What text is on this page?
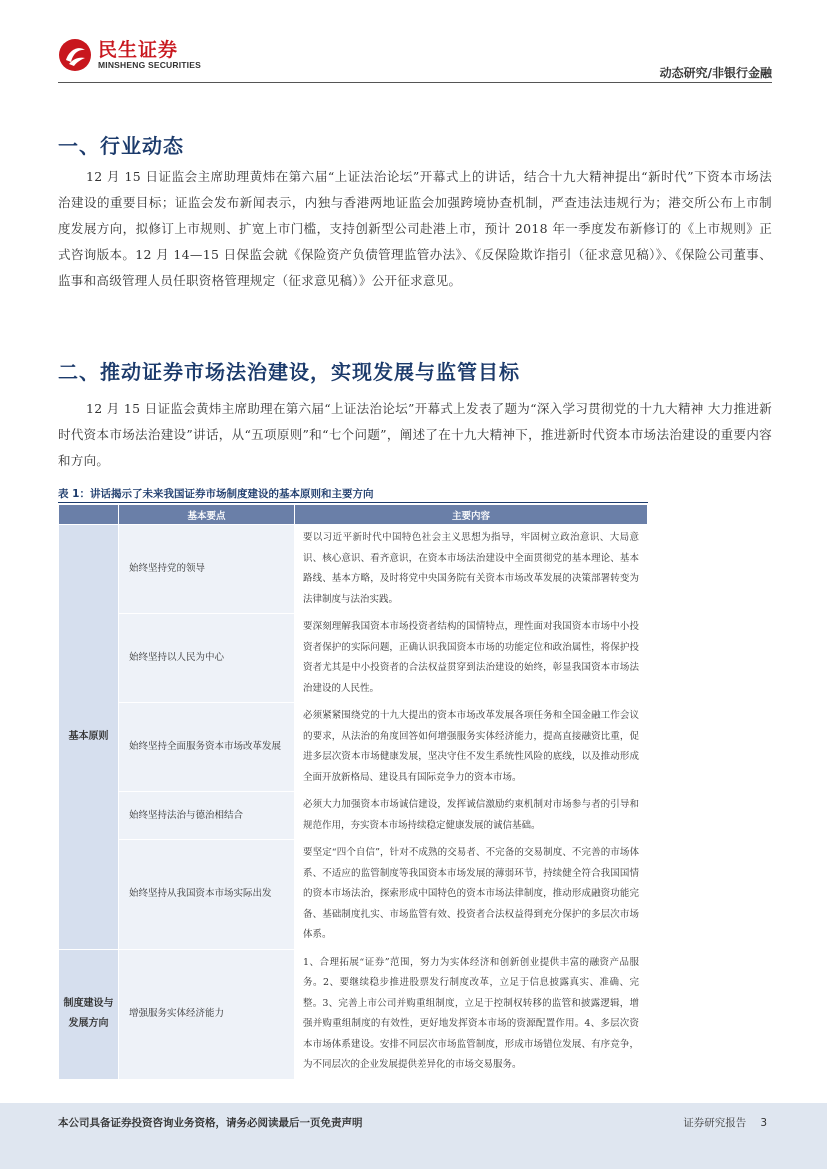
民生证券
MINSHENG SECURITIES
动态研究/非银行金融
一、行业动态

12 月 15 日证监会主席助理黄炜在第六届“上证法治论坛”开幕式上的讲话，结合十九大精神提出“新时代”下资本市场法治建设的重要目标；证监会发布新闻表示，内独与香港两地证监会加强跨境协查机制，严查违法违规行为；港交所公布上市制度发展方向，拟修订上市规则、扩宽上市门槛，支持创新型公司赴港上市，预计 2018 年一季度发布新修订的《上市规则》正式咨询版本。12 月 14—15 日保监会就《保险资产负债管理监管办法》、《反保险欺诈指引（征求意见稿）》、《保险公司董事、监事和高级管理人员任职资格管理规定（征求意见稿）》公开征求意见。

二、推动证券市场法治建设，实现发展与监管目标

12 月 15 日证监会黄炜主席助理在第六届“上证法治论坛”开幕式上发表了题为“深入学习贯彻党的十九大精神 大力推进新时代资本市场法治建设”讲话，从“五项原则”和“七个问题”，阐述了在十九大精神下，推进新时代资本市场法治建设的重要内容和方向。

表 1：讲话揭示了未来我国证券市场制度建设的基本原则和主要方向
	基本要点	主要内容
基本原则	始终坚持党的领导	要以习近平新时代中国特色社会主义思想为指导，牢固树立政治意识、大局意识、核心意识、看齐意识，在资本市场法治建设中全面贯彻党的基本理论、基本路线、基本方略，及时将党中央国务院有关资本市场改革发展的决策部署转变为法律制度与法治实践。
	始终坚持以人民为中心	要深刻理解我国资本市场投资者结构的国情特点，理性面对我国资本市场中小投资者保护的实际问题，正确认识我国资本市场的功能定位和政治属性，将保护投资者尤其是中小投资者的合法权益贯穿到法治建设的始终，彰显我国资本市场法治建设的人民性。
	始终坚持全面服务资本市场改革发展	必须紧紧围绕党的十九大提出的资本市场改革发展各项任务和全国金融工作会议的要求，从法治的角度回答如何增强服务实体经济能力，提高直接融资比重，促进多层次资本市场健康发展，坚决守住不发生系统性风险的底线，以及推动形成全面开放新格局、建设具有国际竞争力的资本市场。
	始终坚持法治与德治相结合	必须大力加强资本市场诚信建设，发挥诚信激励约束机制对市场参与者的引导和规范作用，夯实资本市场持续稳定健康发展的诚信基础。
	始终坚持从我国资本市场实际出发	要坚定“四个自信”，针对不成熟的交易者、不完备的交易制度、不完善的市场体系、不适应的监管制度等我国资本市场发展的薄弱环节，持续健全符合我国国情的资本市场法治，探索形成中国特色的资本市场法律制度，推动形成融资功能完备、基础制度扎实、市场监管有效、投资者合法权益得到充分保护的多层次市场体系。
制度建设与发展方向	增强服务实体经济能力	1、合理拓展“证券”范围，努力为实体经济和创新创业提供丰富的融资产品服务。2、要继续稳步推进股票发行制度改革，立足于信息披露真实、准确、完整。3、完善上市公司并购重组制度，立足于控制权转移的监管和披露逻辑，增强并购重组制度的有效性，更好地发挥资本市场的资源配置作用。4、多层次资本市场体系建设。安排不同层次市场监管制度，形成市场错位发展、有序竞争，为不同层次的企业发展提供差异化的市场交易服务。
本公司具备证券投资咨询业务资格，请务必阅读最后一页免责声明	证券研究报告 3
